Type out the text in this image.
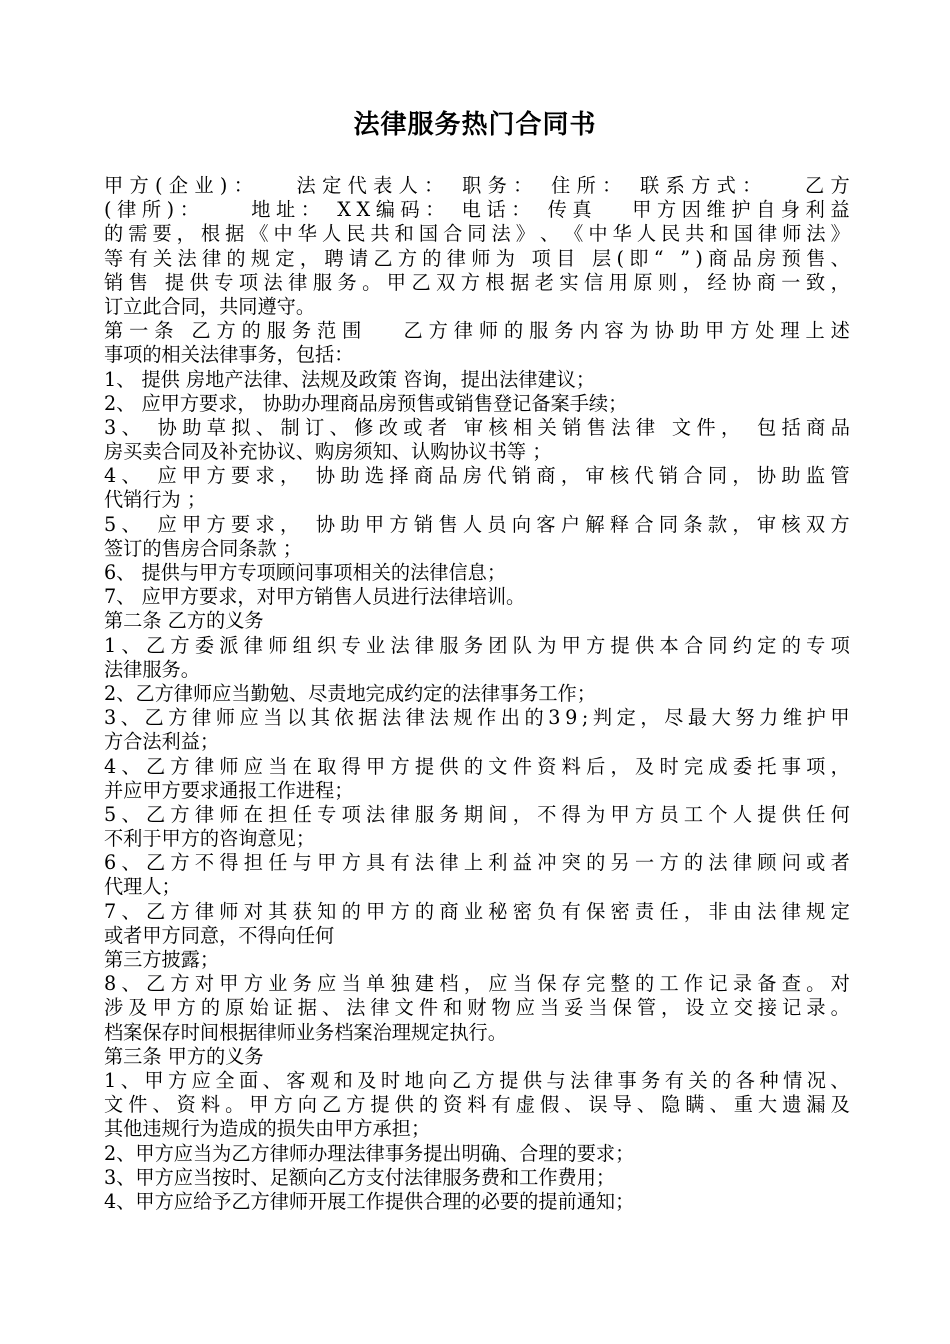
法律服务热门合同书
甲 方 ( 企 业 ) ：

法 定 代 表 人 ：
职 务 ：
住 所 ：
联 系 方 式 ：

乙 方
( 律 所 ) ：

	地 址 ：
X X 编 码 ：
电 话 ：
传 真

甲 方 因 维 护 自 身 利 益
的 需 要 ， 根 据 《 中 华 人 民 共 和 国 合 同 法 》 、 《 中 华 人 民 共 和 国 律 师 法 》
等 有 关 法 律 的 规 定 ， 聘 请 乙 方 的 律 师 为
项 目
层 ( 即 “
” ) 商 品 房 预 售 、
销 售
提 供 专 项 法 律 服 务 。 甲 乙 双 方 根 据 老 实 信 用 原 则 ， 经 协 商 一 致 ，
订立此合同，共同遵守。
第 一 条
乙 方 的 服 务 范 围

乙 方 律 师 的 服 务 内 容 为 协 助 甲 方 处 理 上 述
事项的相关法律事务，包括：
1、 提供 房地产法律、法规及政策 咨询，提出法律建议；
2、 应甲方要求， 协助办理商品房预售或销售登记备案手续；
3 、
协 助 草 拟 、 制 订 、 修 改 或 者
审 核 相 关 销 售 法 律
文 件 ，
包 括 商 品
房买卖合同及补充协议、购房须知、认购协议书等 ；
4 、
应 甲 方 要 求 ，
协 助 选 择 商 品 房 代 销 商 ， 审 核 代 销 合 同 ， 协 助 监 管
代销行为 ；
5 、
应 甲 方 要 求 ，
协 助 甲 方 销 售 人 员 向 客 户 解 释 合 同 条 款 ， 审 核 双 方
签订的售房合同条款 ；
6、 提供与甲方专项顾问事项相关的法律信息；
7、 应甲方要求，对甲方销售人员进行法律培训。
第二条 乙方的义务
1 、 乙 方 委 派 律 师 组 织 专 业 法 律 服 务 团 队 为 甲 方 提 供 本 合 同 约 定 的 专 项
法律服务。
2、乙方律师应当勤勉、尽责地完成约定的法律事务工作；
3 、 乙 方 律 师 应 当 以 其 依 据 法 律 法 规 作 出 的 3 9 ; 判 定 ， 尽 最 大 努 力 维 护 甲
方合法利益；
4 、 乙 方 律 师 应 当 在 取 得 甲 方 提 供 的 文 件 资 料 后 ， 及 时 完 成 委 托 事 项 ，
并应甲方要求通报工作进程；
5 、 乙 方 律 师 在 担 任 专 项 法 律 服 务 期 间 ， 不 得 为 甲 方 员 工 个 人 提 供 任 何
不利于甲方的咨询意见；
6 、 乙 方 不 得 担 任 与 甲 方 具 有 法 律 上 利 益 冲 突 的 另 一 方 的 法 律 顾 问 或 者
代理人；
7 、 乙 方 律 师 对 其 获 知 的 甲 方 的 商 业 秘 密 负 有 保 密 责 任 ， 非 由 法 律 规 定
或者甲方同意，不得向任何
第三方披露；
8 、 乙 方 对 甲 方 业 务 应 当 单 独 建 档 ， 应 当 保 存 完 整 的 工 作 记 录 备 查 。 对
涉 及 甲 方 的 原 始 证 据 、 法 律 文 件 和 财 物 应 当 妥 当 保 管 ， 设 立 交 接 记 录 。
档案保存时间根据律师业务档案治理规定执行。
第三条 甲方的义务
1 、 甲 方 应 全 面 、 客 观 和 及 时 地 向 乙 方 提 供 与 法 律 事 务 有 关 的 各 种 情 况 、
文 件 、 资 料 。 甲 方 向 乙 方 提 供 的 资 料 有 虚 假 、 误 导 、 隐 瞒 、 重 大 遗 漏 及
其他违规行为造成的损失由甲方承担；
2、甲方应当为乙方律师办理法律事务提出明确、合理的要求；
3、甲方应当按时、足额向乙方支付法律服务费和工作费用；
4、甲方应给予乙方律师开展工作提供合理的必要的提前通知；
